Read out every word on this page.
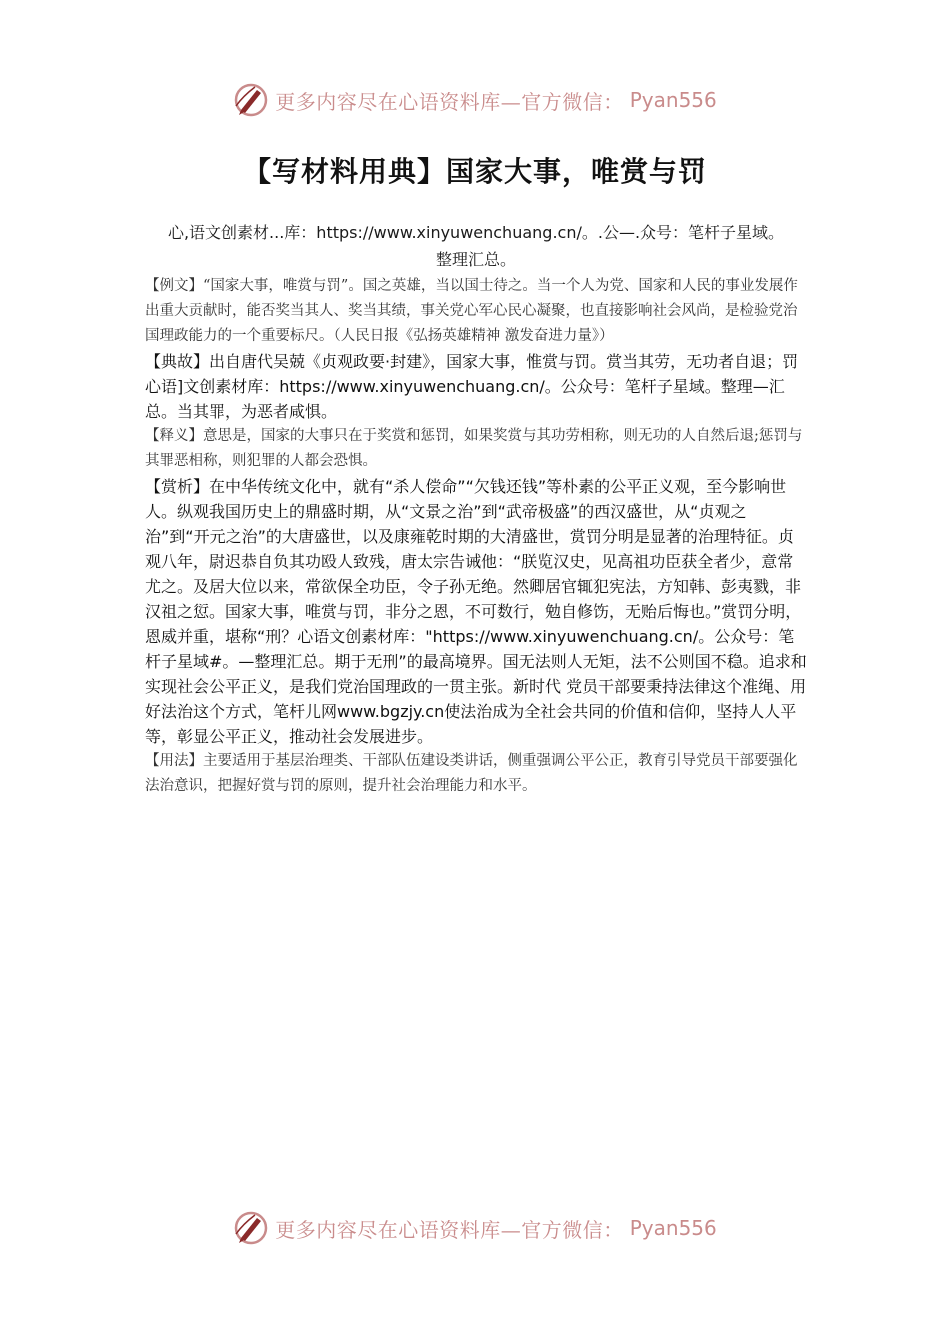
更多内容尽在心语资料库—官方微信： Pyan556
【写材料用典】国家大事，唯赏与罚
心,语文创素材...库：https://www.xinyuwenchuang.cn/。.公—.众号：笔杆子星域。
整理汇总。

【例文】“国家大事，唯赏与罚”。国之英雄，当以国士待之。当一个人为党、国家和人民的事业发展作出重大贡献时，能否奖当其人、奖当其绩，事关党心军心民心凝聚，也直接影响社会风尚，是检验党治国理政能力的一个重要标尺。（人民日报《弘扬英雄精神 激发奋进力量》）

【典故】出自唐代吴兢《贞观政要·封建》，国家大事，惟赏与罚。赏当其劳，无功者自退；罚心语]文创素材库：https://www.xinyuwenchuang.cn/。公众号：笔杆子星域。整理—汇总。当其罪，为恶者咸惧。

【释义】意思是，国家的大事只在于奖赏和惩罚，如果奖赏与其功劳相称，则无功的人自然后退;惩罚与其罪恶相称，则犯罪的人都会恐惧。

【赏析】在中华传统文化中，就有“杀人偿命”“欠钱还钱”等朴素的公平正义观，至今影响世人。纵观我国历史上的鼎盛时期，从“文景之治”到“武帝极盛”的西汉盛世，从“贞观之治”到“开元之治”的大唐盛世，以及康雍乾时期的大清盛世，赏罚分明是显著的治理特征。贞观八年，尉迟恭自负其功殴人致残，唐太宗告诫他：“朕览汉史，见高祖功臣获全者少，意常尤之。及居大位以来，常欲保全功臣，令子孙无绝。然卿居官辄犯宪法，方知韩、彭夷戮，非汉祖之愆。国家大事，唯赏与罚，非分之恩，不可数行，勉自修饬，无贻后悔也。”赏罚分明，恩威并重，堪称“刑？心语文创素材库："https://www.xinyuwenchuang.cn/。公众号：笔杆子星域#。—整理汇总。期于无刑”的最高境界。国无法则人无矩，法不公则国不稳。追求和实现社会公平正义，是我们党治国理政的一贯主张。新时代 党员干部要秉持法律这个准绳、用好法治这个方式，笔杆儿网www.bgzjy.cn使法治成为全社会共同的价值和信仰，坚持人人平等，彰显公平正义，推动社会发展进步。

【用法】主要适用于基层治理类、干部队伍建设类讲话，侧重强调公平公正，教育引导党员干部要强化法治意识，把握好赏与罚的原则，提升社会治理能力和水平。

更多内容尽在心语资料库—官方微信： Pyan556
